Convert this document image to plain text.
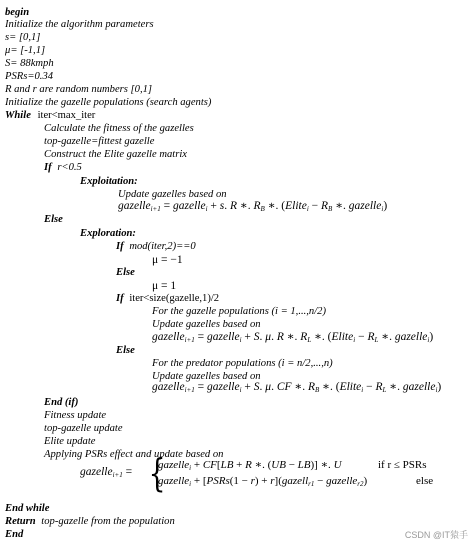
begin
Initialize the algorithm parameters
s= [0,1]
μ= [-1,1]
S= 88kmph
PSRs=0.34
R and r are random numbers [0,1]
Initialize the gazelle populations (search agents)
While iter<max_iter
Calculate the fitness of the gazelles
top-gazelle=fittest gazelle
Construct the Elite gazelle matrix
If r<0.5
Exploitation:
Update gazelles based on
gazelle$_{i+1}$ = gazelle$_i$ + s. R ∗. $R_B$ ∗. (Elite$_i$ − $R_B$ ∗. gazelle$_i$)
Else
Exploration:
If mod(iter,2)==0
μ = −1
Else
μ = 1
If iter<size(gazelle,1)/2
For the gazelle populations (i = 1,...,n/2)
Update gazelles based on
gazelle$_{i+1}$ = gazelle$_i$ + S. μ. R ∗. $R_L$ ∗. (Elite$_i$ − $R_L$ ∗. gazelle$_i$)
Else
For the predator populations (i = n/2,...,n)
Update gazelles based on
gazelle$_{i+1}$ = gazelle$_i$ + S. μ. CF ∗. $R_B$ ∗. (Elite$_i$ − $R_L$ ∗. gazelle$_i$)
End (if)
Fitness update
top-gazelle update
Elite update
Applying PSRs effect and update based on
gazelle$_{i+1}$ = {
gazelle$_i$ + CF[LB + R ∗. (UB − LB)] ∗. U	if r ≤ PSRs
gazelle$_i$ + [PSRs(1 − r) + r](gazell$_{r1}$ − gazelle$_{r2}$)	else
End while
Return top-gazelle from the population
End	CSDN @IT猿手
